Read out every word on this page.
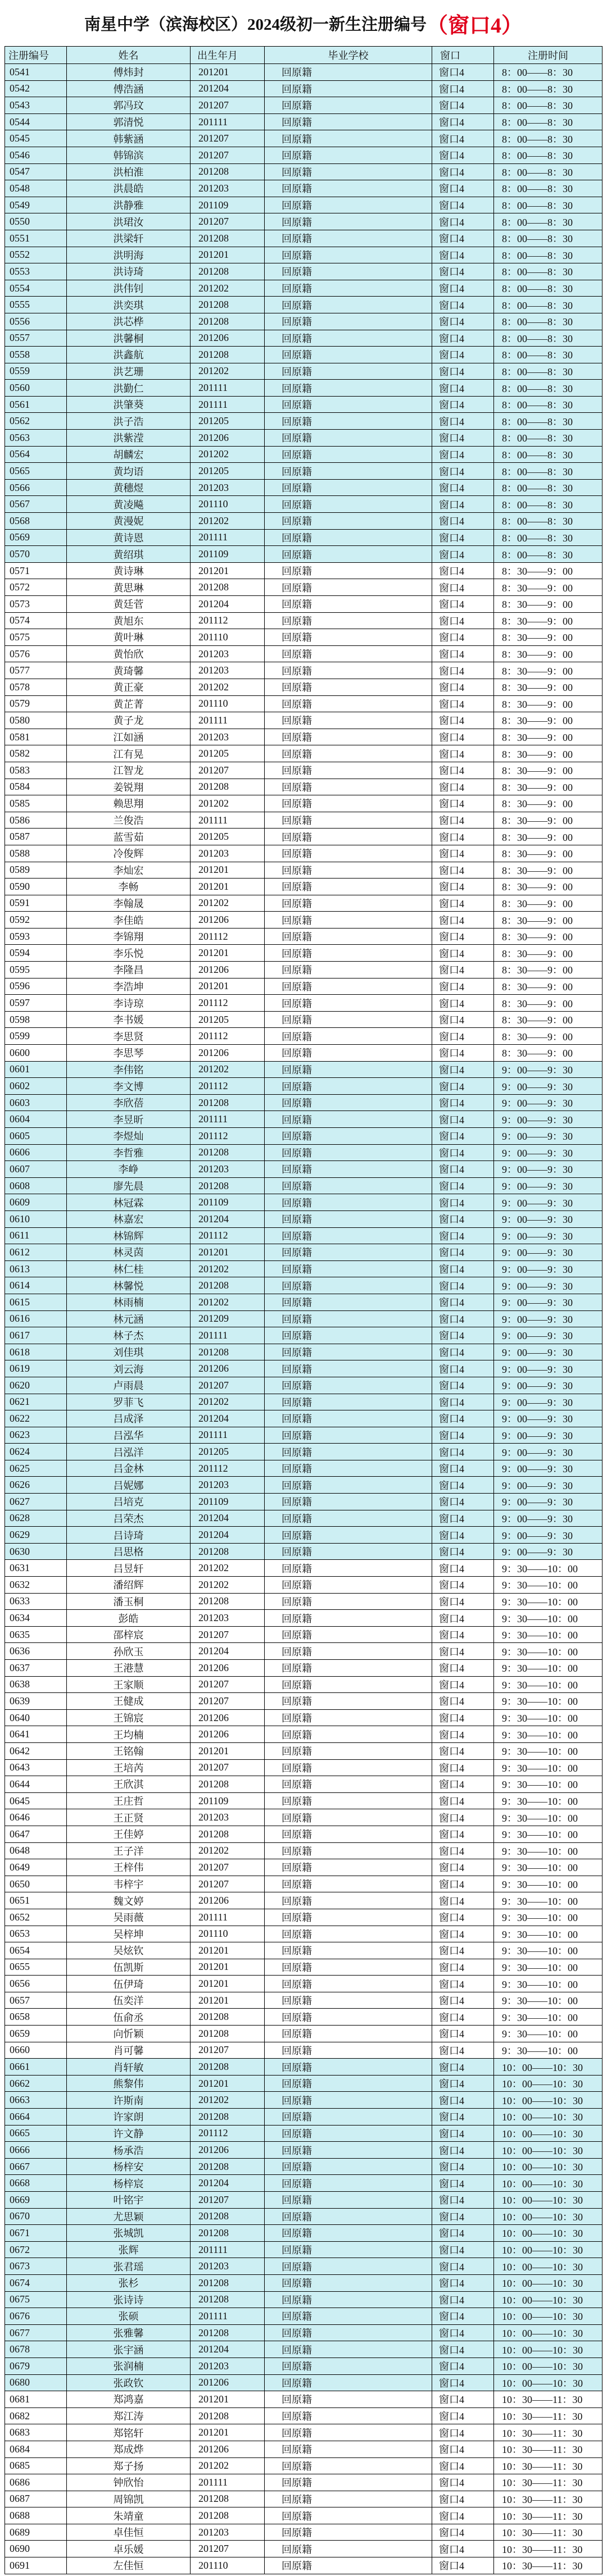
南星中学（滨海校区）2024级初一新生注册编号 （窗口4）
注册编号	姓名	出生年月	毕业学校	窗口	注册时间
0541	傅炜封	201201	回原籍	窗口4	8：00——8：30
0542	傅浩涵	201204	回原籍	窗口4	8：00——8：30
0543	郭冯玟	201207	回原籍	窗口4	8：00——8：30
0544	郭清悦	201111	回原籍	窗口4	8：00——8：30
0545	韩紫涵	201207	回原籍	窗口4	8：00——8：30
0546	韩锦滨	201207	回原籍	窗口4	8：00——8：30
0547	洪柏淮	201208	回原籍	窗口4	8：00——8：30
0548	洪晨皓	201203	回原籍	窗口4	8：00——8：30
0549	洪静雅	201109	回原籍	窗口4	8：00——8：30
0550	洪珺汝	201207	回原籍	窗口4	8：00——8：30
0551	洪梁轩	201208	回原籍	窗口4	8：00——8：30
0552	洪明海	201201	回原籍	窗口4	8：00——8：30
0553	洪诗琦	201208	回原籍	窗口4	8：00——8：30
0554	洪伟钊	201202	回原籍	窗口4	8：00——8：30
0555	洪奕琪	201208	回原籍	窗口4	8：00——8：30
0556	洪芯桦	201208	回原籍	窗口4	8：00——8：30
0557	洪馨桐	201206	回原籍	窗口4	8：00——8：30
0558	洪鑫航	201208	回原籍	窗口4	8：00——8：30
0559	洪艺珊	201202	回原籍	窗口4	8：00——8：30
0560	洪勤仁	201111	回原籍	窗口4	8：00——8：30
0561	洪肇葵	201111	回原籍	窗口4	8：00——8：30
0562	洪子浩	201205	回原籍	窗口4	8：00——8：30
0563	洪紫滢	201206	回原籍	窗口4	8：00——8：30
0564	胡麟宏	201202	回原籍	窗口4	8：00——8：30
0565	黄均语	201205	回原籍	窗口4	8：00——8：30
0566	黄穗煜	201203	回原籍	窗口4	8：00——8：30
0567	黄凌飚	201110	回原籍	窗口4	8：00——8：30
0568	黄漫妮	201202	回原籍	窗口4	8：00——8：30
0569	黄诗恩	201111	回原籍	窗口4	8：00——8：30
0570	黄绍琪	201109	回原籍	窗口4	8：00——8：30
0571	黄诗琳	201201	回原籍	窗口4	8：30——9：00
0572	黄思琳	201208	回原籍	窗口4	8：30——9：00
0573	黄廷菅	201204	回原籍	窗口4	8：30——9：00
0574	黄旭东	201112	回原籍	窗口4	8：30——9：00
0575	黄叶琳	201110	回原籍	窗口4	8：30——9：00
0576	黄怡欣	201203	回原籍	窗口4	8：30——9：00
0577	黄琦馨	201203	回原籍	窗口4	8：30——9：00
0578	黄正豪	201202	回原籍	窗口4	8：30——9：00
0579	黄芷菁	201110	回原籍	窗口4	8：30——9：00
0580	黄子龙	201111	回原籍	窗口4	8：30——9：00
0581	江如涵	201203	回原籍	窗口4	8：30——9：00
0582	江有晃	201205	回原籍	窗口4	8：30——9：00
0583	江智龙	201207	回原籍	窗口4	8：30——9：00
0584	姜锐翔	201208	回原籍	窗口4	8：30——9：00
0585	赖思翔	201202	回原籍	窗口4	8：30——9：00
0586	兰俊浩	201111	回原籍	窗口4	8：30——9：00
0587	蓝雪茹	201205	回原籍	窗口4	8：30——9：00
0588	冷俊辉	201203	回原籍	窗口4	8：30——9：00
0589	李灿宏	201201	回原籍	窗口4	8：30——9：00
0590	李畅	201201	回原籍	窗口4	8：30——9：00
0591	李翰晟	201202	回原籍	窗口4	8：30——9：00
0592	李佳皓	201206	回原籍	窗口4	8：30——9：00
0593	李锦翔	201112	回原籍	窗口4	8：30——9：00
0594	李乐悦	201201	回原籍	窗口4	8：30——9：00
0595	李隆昌	201206	回原籍	窗口4	8：30——9：00
0596	李浩坤	201201	回原籍	窗口4	8：30——9：00
0597	李诗琼	201112	回原籍	窗口4	8：30——9：00
0598	李书媛	201205	回原籍	窗口4	8：30——9：00
0599	李思贤	201112	回原籍	窗口4	8：30——9：00
0600	李思琴	201206	回原籍	窗口4	8：30——9：00
0601	李伟铭	201202	回原籍	窗口4	9：00——9：30
0602	李文博	201112	回原籍	窗口4	9：00——9：30
0603	李欣蓓	201208	回原籍	窗口4	9：00——9：30
0604	李昱昕	201111	回原籍	窗口4	9：00——9：30
0605	李煜灿	201112	回原籍	窗口4	9：00——9：30
0606	李哲雅	201208	回原籍	窗口4	9：00——9：30
0607	李峥	201203	回原籍	窗口4	9：00——9：30
0608	廖先晨	201208	回原籍	窗口4	9：00——9：30
0609	林冠霖	201109	回原籍	窗口4	9：00——9：30
0610	林嘉宏	201204	回原籍	窗口4	9：00——9：30
0611	林锦辉	201112	回原籍	窗口4	9：00——9：30
0612	林灵茵	201201	回原籍	窗口4	9：00——9：30
0613	林仁桂	201202	回原籍	窗口4	9：00——9：30
0614	林馨悦	201208	回原籍	窗口4	9：00——9：30
0615	林雨楠	201202	回原籍	窗口4	9：00——9：30
0616	林元涵	201209	回原籍	窗口4	9：00——9：30
0617	林子杰	201111	回原籍	窗口4	9：00——9：30
0618	刘佳琪	201208	回原籍	窗口4	9：00——9：30
0619	刘云海	201206	回原籍	窗口4	9：00——9：30
0620	卢雨晨	201207	回原籍	窗口4	9：00——9：30
0621	罗菲飞	201202	回原籍	窗口4	9：00——9：30
0622	吕成泽	201204	回原籍	窗口4	9：00——9：30
0623	吕泓华	201111	回原籍	窗口4	9：00——9：30
0624	吕泓洋	201205	回原籍	窗口4	9：00——9：30
0625	吕金林	201112	回原籍	窗口4	9：00——9：30
0626	吕妮娜	201203	回原籍	窗口4	9：00——9：30
0627	吕培克	201109	回原籍	窗口4	9：00——9：30
0628	吕荣杰	201204	回原籍	窗口4	9：00——9：30
0629	吕诗琦	201204	回原籍	窗口4	9：00——9：30
0630	吕思格	201208	回原籍	窗口4	9：00——9：30
0631	吕昱轩	201202	回原籍	窗口4	9：30——10：00
0632	潘绍辉	201202	回原籍	窗口4	9：30——10：00
0633	潘玉桐	201208	回原籍	窗口4	9：30——10：00
0634	彭皓	201203	回原籍	窗口4	9：30——10：00
0635	邵梓宸	201207	回原籍	窗口4	9：30——10：00
0636	孙欣玉	201204	回原籍	窗口4	9：30——10：00
0637	王港慧	201206	回原籍	窗口4	9：30——10：00
0638	王家顺	201207	回原籍	窗口4	9：30——10：00
0639	王健成	201207	回原籍	窗口4	9：30——10：00
0640	王锦宸	201206	回原籍	窗口4	9：30——10：00
0641	王均楠	201206	回原籍	窗口4	9：30——10：00
0642	王铭翰	201201	回原籍	窗口4	9：30——10：00
0643	王培芮	201207	回原籍	窗口4	9：30——10：00
0644	王欣淇	201208	回原籍	窗口4	9：30——10：00
0645	王庄哲	201109	回原籍	窗口4	9：30——10：00
0646	王正贤	201203	回原籍	窗口4	9：30——10：00
0647	王佳婷	201208	回原籍	窗口4	9：30——10：00
0648	王子洋	201202	回原籍	窗口4	9：30——10：00
0649	王梓伟	201207	回原籍	窗口4	9：30——10：00
0650	韦梓宇	201207	回原籍	窗口4	9：30——10：00
0651	魏文婷	201206	回原籍	窗口4	9：30——10：00
0652	吴雨薇	201111	回原籍	窗口4	9：30——10：00
0653	吴梓坤	201110	回原籍	窗口4	9：30——10：00
0654	吴炫钦	201201	回原籍	窗口4	9：30——10：00
0655	伍凯斯	201201	回原籍	窗口4	9：30——10：00
0656	伍伊琦	201201	回原籍	窗口4	9：30——10：00
0657	伍奕洋	201201	回原籍	窗口4	9：30——10：00
0658	伍俞丞	201208	回原籍	窗口4	9：30——10：00
0659	向忻颖	201208	回原籍	窗口4	9：30——10：00
0660	肖可馨	201207	回原籍	窗口4	9：30——10：00
0661	肖轩敏	201208	回原籍	窗口4	10：00——10：30
0662	熊黎伟	201201	回原籍	窗口4	10：00——10：30
0663	许斯南	201202	回原籍	窗口4	10：00——10：30
0664	许家朗	201208	回原籍	窗口4	10：00——10：30
0665	许文静	201112	回原籍	窗口4	10：00——10：30
0666	杨承浩	201206	回原籍	窗口4	10：00——10：30
0667	杨梓安	201208	回原籍	窗口4	10：00——10：30
0668	杨梓宸	201204	回原籍	窗口4	10：00——10：30
0669	叶铭宇	201207	回原籍	窗口4	10：00——10：30
0670	尤思颖	201208	回原籍	窗口4	10：00——10：30
0671	张城凯	201208	回原籍	窗口4	10：00——10：30
0672	张辉	201111	回原籍	窗口4	10：00——10：30
0673	张君瑶	201203	回原籍	窗口4	10：00——10：30
0674	张杉	201208	回原籍	窗口4	10：00——10：30
0675	张诗诗	201208	回原籍	窗口4	10：00——10：30
0676	张硕	201111	回原籍	窗口4	10：00——10：30
0677	张雅馨	201208	回原籍	窗口4	10：00——10：30
0678	张宇涵	201204	回原籍	窗口4	10：00——10：30
0679	张润楠	201203	回原籍	窗口4	10：00——10：30
0680	张政钦	201206	回原籍	窗口4	10：00——10：30
0681	郑鸿嘉	201201	回原籍	窗口4	10：30——11：30
0682	郑江涛	201208	回原籍	窗口4	10：30——11：30
0683	郑铭轩	201201	回原籍	窗口4	10：30——11：30
0684	郑成烨	201206	回原籍	窗口4	10：30——11：30
0685	郑子扬	201202	回原籍	窗口4	10：30——11：30
0686	钟欣怡	201111	回原籍	窗口4	10：30——11：30
0687	周锦凯	201208	回原籍	窗口4	10：30——11：30
0688	朱靖童	201208	回原籍	窗口4	10：30——11：30
0689	卓佳恒	201203	回原籍	窗口4	10：30——11：30
0690	卓乐媛	201207	回原籍	窗口4	10：30——11：30
0691	左佳恒	201110	回原籍	窗口4	10：30——11：30
